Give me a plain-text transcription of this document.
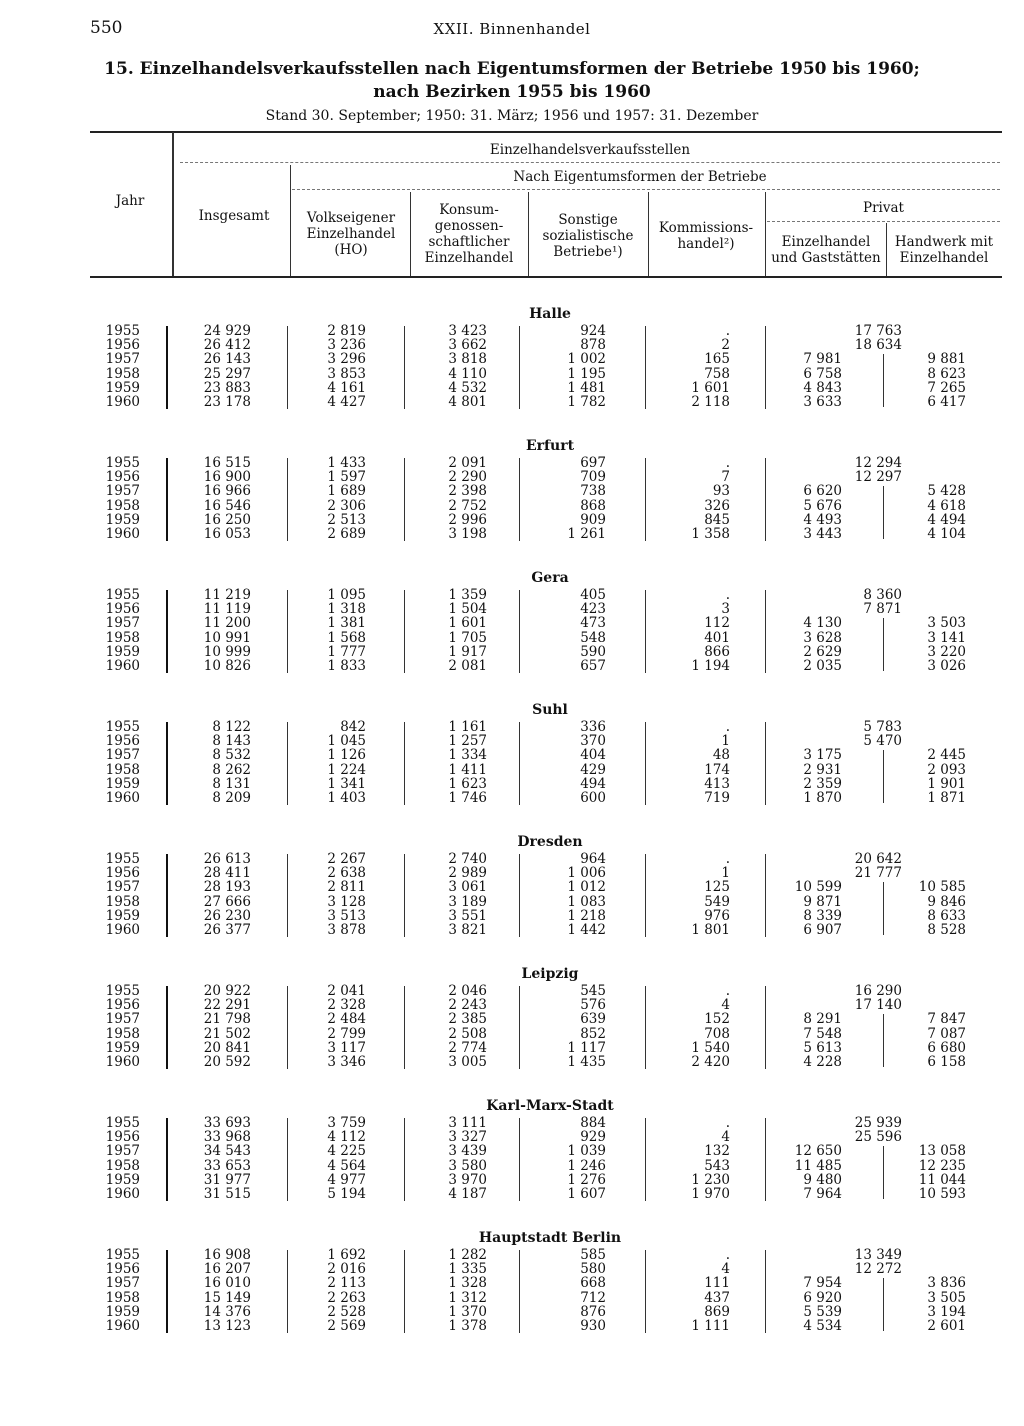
550	XXII. Binnenhandel
15. Einzelhandelsverkaufsstellen nach Eigentumsformen der Betriebe 1950 bis 1960;
nach Bezirken 1955 bis 1960
Stand 30. September; 1950: 31. März; 1956 und 1957: 31. Dezember
Jahr
Einzelhandelsverkaufsstellen
Insgesamt
Nach Eigentumsformen der Betriebe
Volkseigener Einzelhandel (HO)
Konsum-genossen-schaftlicher Einzelhandel
Sonstige sozialistische Betriebe¹)
Kommissions-handel²)
Privat
Einzelhandel und Gaststätten
Handwerk mit Einzelhandel
Halle
1955	24 929	2 819	3 423	924	.	17 763
1956	26 412	3 236	3 662	878	2	18 634
1957	26 143	3 296	3 818	1 002	165	7 981	9 881
1958	25 297	3 853	4 110	1 195	758	6 758	8 623
1959	23 883	4 161	4 532	1 481	1 601	4 843	7 265
1960	23 178	4 427	4 801	1 782	2 118	3 633	6 417
Erfurt
1955	16 515	1 433	2 091	697	.	12 294
1956	16 900	1 597	2 290	709	7	12 297
1957	16 966	1 689	2 398	738	93	6 620	5 428
1958	16 546	2 306	2 752	868	326	5 676	4 618
1959	16 250	2 513	2 996	909	845	4 493	4 494
1960	16 053	2 689	3 198	1 261	1 358	3 443	4 104
Gera
1955	11 219	1 095	1 359	405	.	8 360
1956	11 119	1 318	1 504	423	3	7 871
1957	11 200	1 381	1 601	473	112	4 130	3 503
1958	10 991	1 568	1 705	548	401	3 628	3 141
1959	10 999	1 777	1 917	590	866	2 629	3 220
1960	10 826	1 833	2 081	657	1 194	2 035	3 026
Suhl
1955	8 122	842	1 161	336	.	5 783
1956	8 143	1 045	1 257	370	1	5 470
1957	8 532	1 126	1 334	404	48	3 175	2 445
1958	8 262	1 224	1 411	429	174	2 931	2 093
1959	8 131	1 341	1 623	494	413	2 359	1 901
1960	8 209	1 403	1 746	600	719	1 870	1 871
Dresden
1955	26 613	2 267	2 740	964	.	20 642
1956	28 411	2 638	2 989	1 006	1	21 777
1957	28 193	2 811	3 061	1 012	125	10 599	10 585
1958	27 666	3 128	3 189	1 083	549	9 871	9 846
1959	26 230	3 513	3 551	1 218	976	8 339	8 633
1960	26 377	3 878	3 821	1 442	1 801	6 907	8 528
Leipzig
1955	20 922	2 041	2 046	545	.	16 290
1956	22 291	2 328	2 243	576	4	17 140
1957	21 798	2 484	2 385	639	152	8 291	7 847
1958	21 502	2 799	2 508	852	708	7 548	7 087
1959	20 841	3 117	2 774	1 117	1 540	5 613	6 680
1960	20 592	3 346	3 005	1 435	2 420	4 228	6 158
Karl-Marx-Stadt
1955	33 693	3 759	3 111	884	.	25 939
1956	33 968	4 112	3 327	929	4	25 596
1957	34 543	4 225	3 439	1 039	132	12 650	13 058
1958	33 653	4 564	3 580	1 246	543	11 485	12 235
1959	31 977	4 977	3 970	1 276	1 230	9 480	11 044
1960	31 515	5 194	4 187	1 607	1 970	7 964	10 593
Hauptstadt Berlin
1955	16 908	1 692	1 282	585	.	13 349
1956	16 207	2 016	1 335	580	4	12 272
1957	16 010	2 113	1 328	668	111	7 954	3 836
1958	15 149	2 263	1 312	712	437	6 920	3 505
1959	14 376	2 528	1 370	876	869	5 539	3 194
1960	13 123	2 569	1 378	930	1 111	4 534	2 601
